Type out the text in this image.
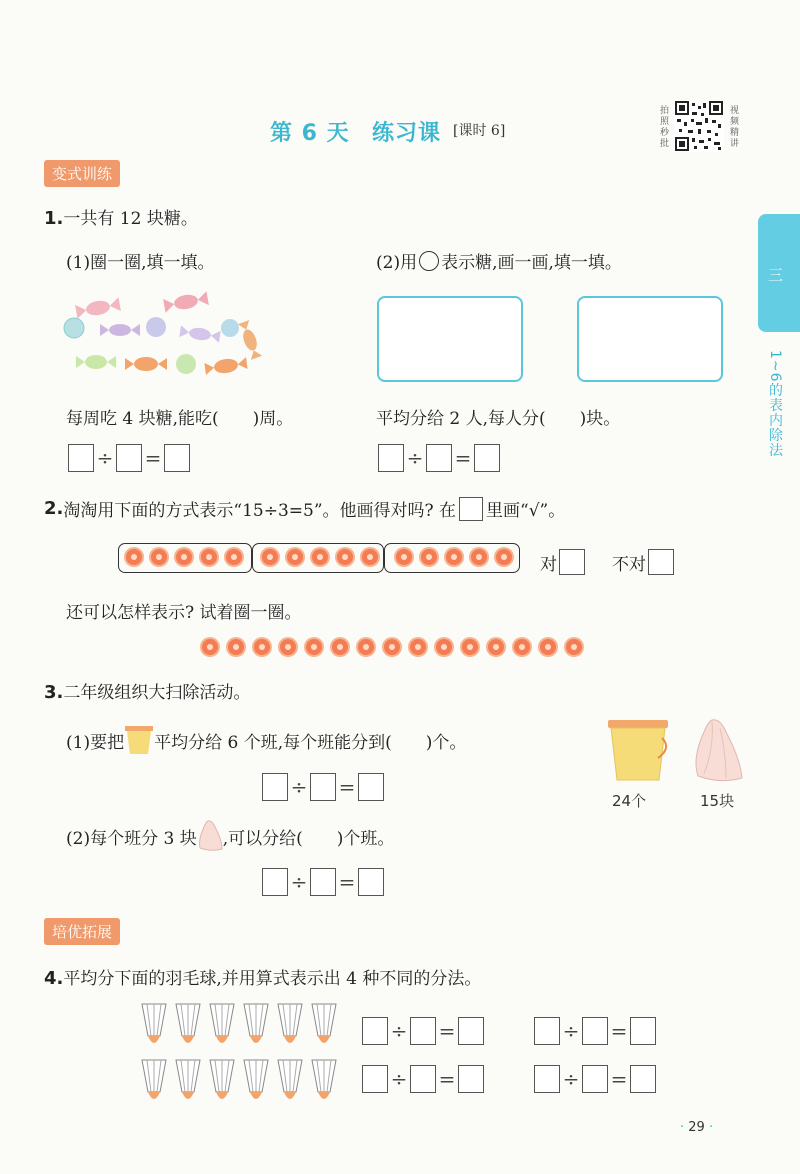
第 6 天 练习课 [课时 6]
拍照秒批
视频精讲
三
1~6的表内除法
变式训练
1.一共有 12 块糖。
(1)圈一圈,填一填。	(2)用 表示糖,画一画,填一填。
每周吃 4 块糖,能吃(　　)周。	平均分给 2 人,每人分(　　)块。
÷ =	÷ =
2. 淘淘用下面的方式表示“15÷3=5”。他画得对吗? 在 里画“√”。
对	不对
还可以怎样表示? 试着圈一圈。
3.二年级组织大扫除活动。
(1)要把 平均分给 6 个班,每个班能分到(　　)个。
24个	15块
÷ =
(2)每个班分 3 块 ,可以分给(　　)个班。
÷ =
培优拓展
4.平均分下面的羽毛球,并用算式表示出 4 种不同的分法。
÷ =	÷ =
÷ =	÷ =
· 29 ·
